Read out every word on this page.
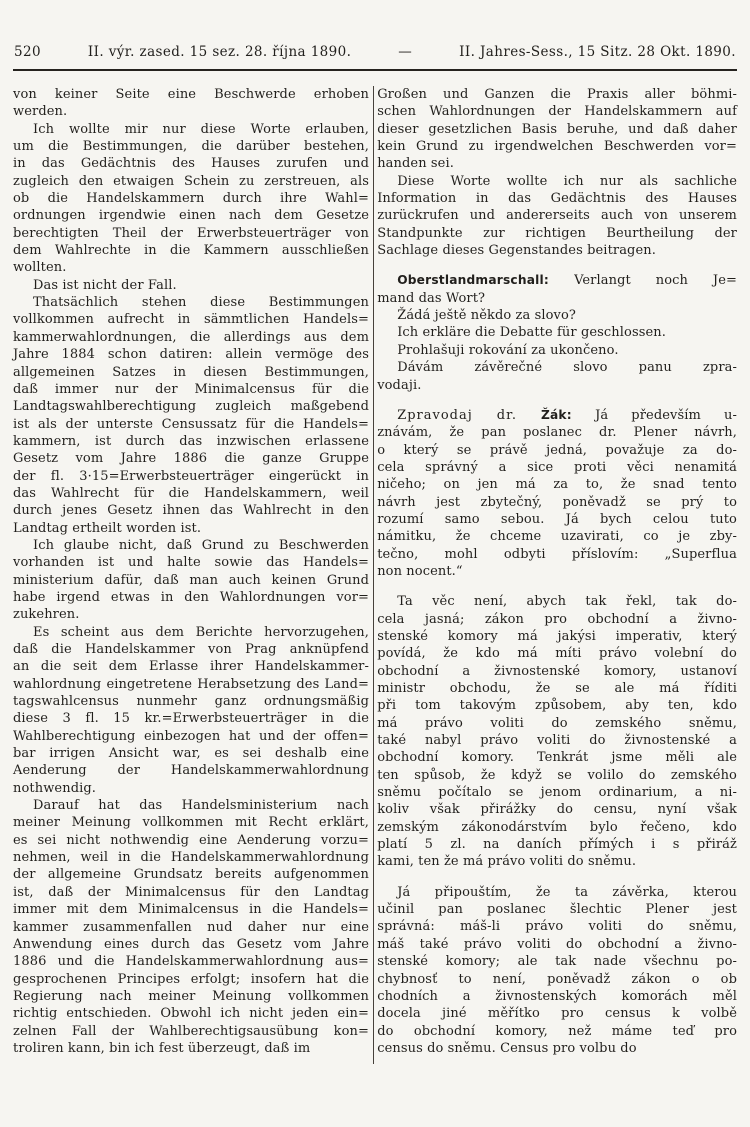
520	II. výr. zased. 15 sez. 28. října 1890.	—	II. Jahres-Sess., 15 Sitz. 28 Okt. 1890.
von keiner Seite eine Beschwerde erhoben
werden.
Ich wollte mir nur diese Worte erlauben,
um die Bestimmungen, die darüber bestehen,
in das Gedächtnis des Hauses zurufen und
zugleich den etwaigen Schein zu zerstreuen, als
ob die Handelskammern durch ihre Wahl=
ordnungen irgendwie einen nach dem Gesetze
berechtigten Theil der Erwerbsteuerträger von
dem Wahlrechte in die Kammern ausschließen
wollten.
Das ist nicht der Fall.
Thatsächlich stehen diese Bestimmungen
vollkommen aufrecht in sämmtlichen Handels=
kammerwahlordnungen, die allerdings aus dem
Jahre 1884 schon datiren: allein vermöge des
allgemeinen Satzes in diesen Bestimmungen,
daß immer nur der Minimalcensus für die
Landtagswahlberechtigung zugleich maßgebend
ist als der unterste Censussatz für die Handels=
kammern, ist durch das inzwischen erlassene
Gesetz vom Jahre 1886 die ganze Gruppe
der fl. 3·15=Erwerbsteuerträger eingerückt in
das Wahlrecht für die Handelskammern, weil
durch jenes Gesetz ihnen das Wahlrecht in den
Landtag ertheilt worden ist.
Ich glaube nicht, daß Grund zu Beschwerden
vorhanden ist und halte sowie das Handels=
ministerium dafür, daß man auch keinen Grund
habe irgend etwas in den Wahlordnungen vor=
zukehren.
Es scheint aus dem Berichte hervorzugehen,
daß die Handelskammer von Prag anknüpfend
an die seit dem Erlasse ihrer Handelskammer-
wahlordnung eingetretene Herabsetzung des Land=
tagswahlcensus nunmehr ganz ordnungsmäßig
diese 3 fl. 15 kr.=Erwerbsteuerträger in die
Wahlberechtigung einbezogen hat und der offen=
bar irrigen Ansicht war, es sei deshalb eine
Aenderung der Handelskammerwahlordnung
nothwendig.
Darauf hat das Handelsministerium nach
meiner Meinung vollkommen mit Recht erklärt,
es sei nicht nothwendig eine Aenderung vorzu=
nehmen, weil in die Handelskammerwahlordnung
der allgemeine Grundsatz bereits aufgenommen
ist, daß der Minimalcensus für den Landtag
immer mit dem Minimalcensus in die Handels=
kammer zusammenfallen nud daher nur eine
Anwendung eines durch das Gesetz vom Jahre
1886 und die Handelskammerwahlordnung aus=
gesprochenen Principes erfolgt; insofern hat die
Regierung nach meiner Meinung vollkommen
richtig entschieden. Obwohl ich nicht jeden ein=
zelnen Fall der Wahlberechtigsausübung kon=
troliren kann, bin ich fest überzeugt, daß im
Großen und Ganzen die Praxis aller böhmi-
schen Wahlordnungen der Handelskammern auf
dieser gesetzlichen Basis beruhe, und daß daher
kein Grund zu irgendwelchen Beschwerden vor=
handen sei.
Diese Worte wollte ich nur als sachliche
Information in das Gedächtnis des Hauses
zurückrufen und andererseits auch von unserem
Standpunkte zur richtigen Beurtheilung der
Sachlage dieses Gegenstandes beitragen.
Oberstlandmarschall: Verlangt noch Je=
mand das Wort?
Žádá ještě někdo za slovo?
Ich erkläre die Debatte für geschlossen.
Prohlašuji rokování za ukončeno.
Dávám závěrečné slovo panu zpra-
vodaji.
Zpravodaj dr. Žák: Já především u-
znávám, že pan poslanec dr. Plener návrh,
o který se právě jedná, považuje za do-
cela správný a sice proti věci nenamitá
ničeho; on jen má za to, že snad tento
návrh jest zbytečný, poněvadž se prý to
rozumí samo sebou. Já bych celou tuto
námitku, že chceme uzavirati, co je zby-
tečno, mohl odbyti příslovím: „Superflua
non nocent.“
Ta věc není, abych tak řekl, tak do-
cela jasná; zákon pro obchodní a živno-
stenské komory má jakýsi imperativ, který
povídá, že kdo má míti právo volební do
obchodní a živnostenské komory, ustanoví
ministr obchodu, že se ale má říditi
při tom takovým způsobem, aby ten, kdo
má právo voliti do zemského sněmu,
také nabyl právo voliti do živnostenské a
obchodní komory. Tenkrát jsme měli ale
ten spůsob, že když se volilo do zemského
sněmu počítalo se jenom ordinarium, a ni-
koliv však přirážky do censu, nyní však
zemským zákonodárstvím bylo řečeno, kdo
platí 5 zl. na daních přímých i s přiráž
kami, ten že má právo voliti do sněmu.
Já připouštím, že ta závěrka, kterou
učinil pan poslanec šlechtic Plener jest
správná: máš-li právo voliti do sněmu,
máš také právo voliti do obchodní a živno-
stenské komory; ale tak nade všechnu po-
chybnosť to není, poněvadž zákon o ob
chodních a živnostenských komorách měl
docela jiné měřítko pro census k volbě
do obchodní komory, než máme teď pro
census do sněmu. Census pro volbu do
